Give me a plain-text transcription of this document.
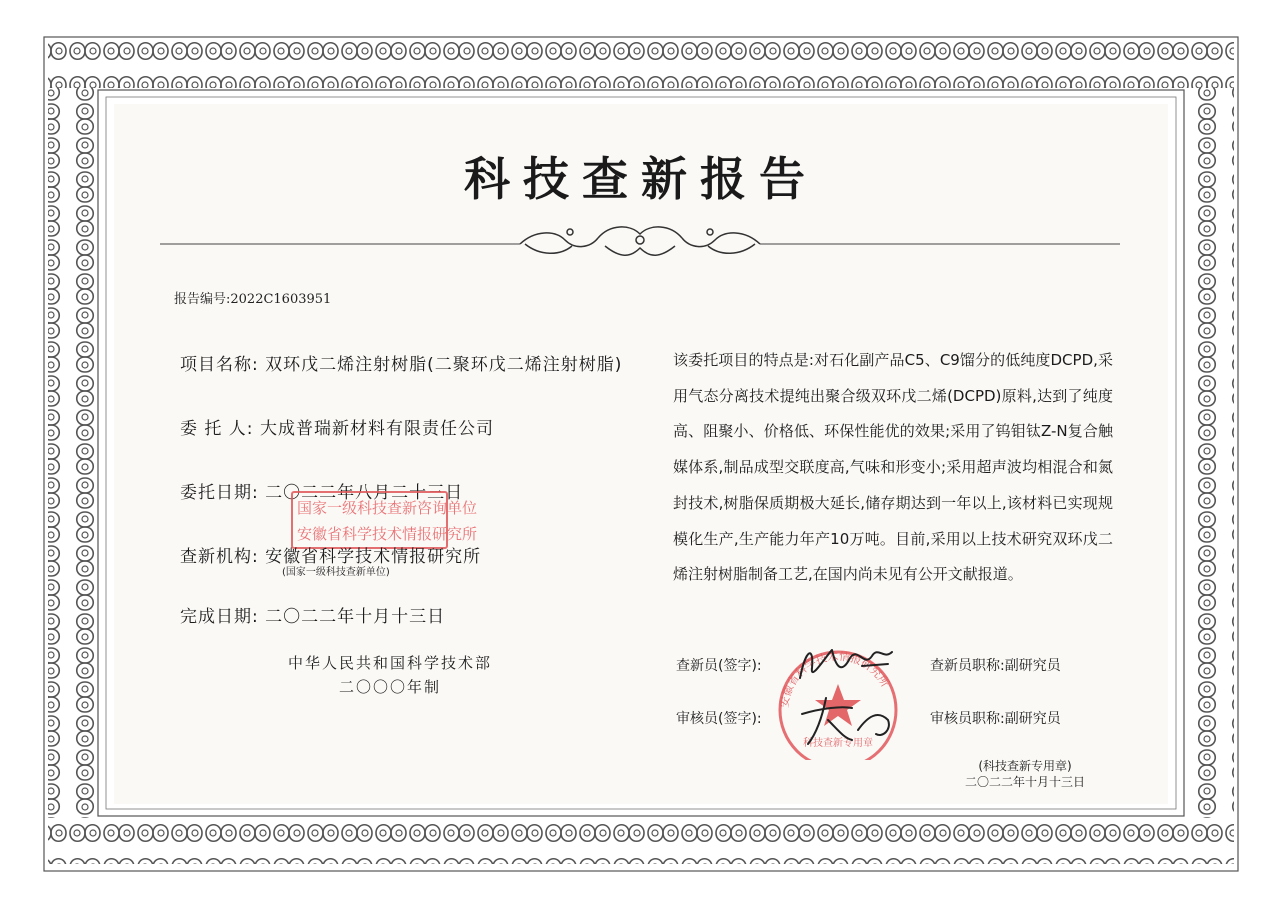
科技查新报告
报告编号:2022C1603951
项目名称: 双环戊二烯注射树脂(二聚环戊二烯注射树脂)
委 托 人: 大成普瑞新材料有限责任公司
委托日期: 二〇二二年八月二十三日
国家一级科技查新咨询单位
安徽省科学技术情报研究所
查新机构: 安徽省科学技术情报研究所
(国家一级科技查新单位)
完成日期: 二〇二二年十月十三日
中华人民共和国科学技术部
二〇〇〇年制
该委托项目的特点是:对石化副产品C5、C9馏分的低纯度DCPD,采用气态分离技术提纯出聚合级双环戊二烯(DCPD)原料,达到了纯度高、阻聚小、价格低、环保性能优的效果;采用了钨钼钛Z-N复合触媒体系,制品成型交联度高,气味和形变小;采用超声波均相混合和氮封技术,树脂保质期极大延长,储存期达到一年以上,该材料已实现规模化生产,生产能力年产10万吨。目前,采用以上技术研究双环戊二烯注射树脂制备工艺,在国内尚未见有公开文献报道。
安徽省科学技术情报研究所
科技查新专用章
查新员(签字):	查新员职称:副研究员
审核员(签字):	审核员职称:副研究员
(科技查新专用章)
二〇二二年十月十三日
